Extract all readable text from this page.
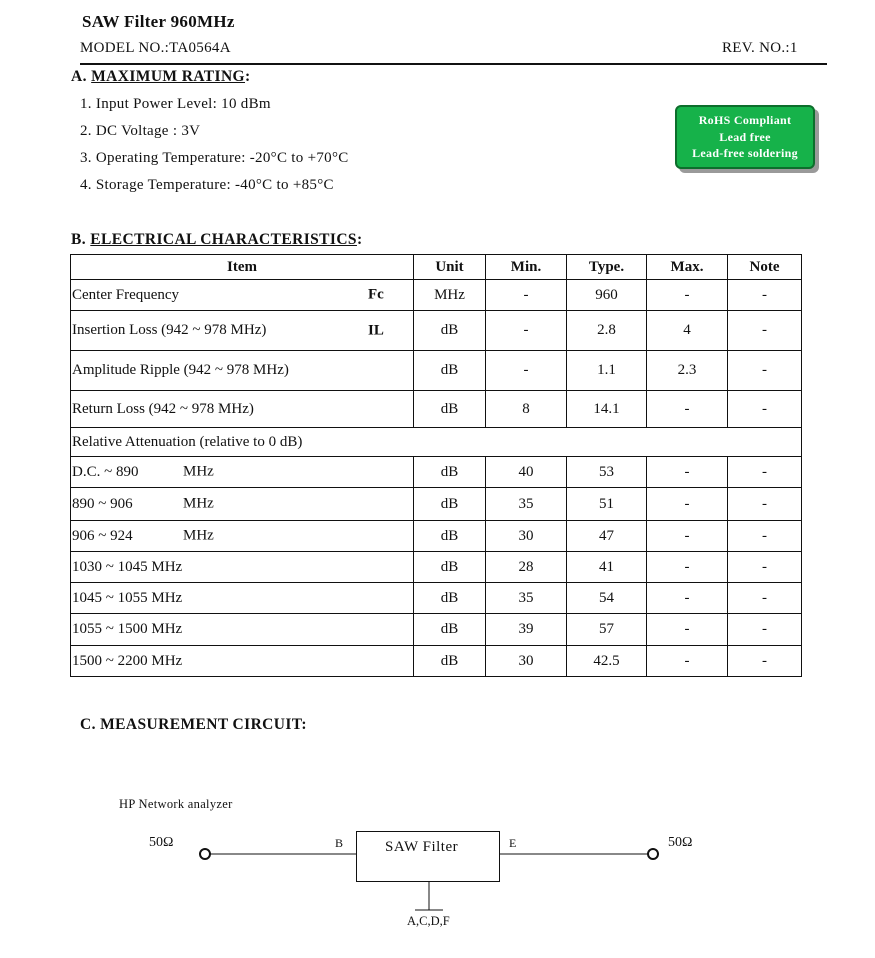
SAW Filter 960MHz
MODEL NO.:TA0564A	REV. NO.:1
A. MAXIMUM RATING:
1. Input Power Level: 10 dBm
2. DC Voltage : 3V
3. Operating Temperature: -20°C to +70°C
4. Storage Temperature: -40°C to +85°C
RoHS Compliant
Lead free
Lead-free soldering
B. ELECTRICAL CHARACTERISTICS:
Item	Unit	Min.	Type.	Max.	Note
Center Frequency Fc	MHz	-	960	-	-
Insertion Loss (942 ~ 978 MHz) IL	dB	-	2.8	4	-
Amplitude Ripple (942 ~ 978 MHz)	dB	-	1.1	2.3	-
Return Loss (942 ~ 978 MHz)	dB	8	14.1	-	-
Relative Attenuation (relative to 0 dB)					
D.C. ~ 890 MHz	dB	40	53	-	-
890 ~ 906 MHz	dB	35	51	-	-
906 ~ 924 MHz	dB	30	47	-	-
1030 ~ 1045 MHz	dB	28	41	-	-
1045 ~ 1055 MHz	dB	35	54	-	-
1055 ~ 1500 MHz	dB	39	57	-	-
1500 ~ 2200 MHz	dB	30	42.5	-	-
C. MEASUREMENT CIRCUIT:
HP Network analyzer
SAW Filter
50Ω	50Ω
B	E
A,C,D,F
